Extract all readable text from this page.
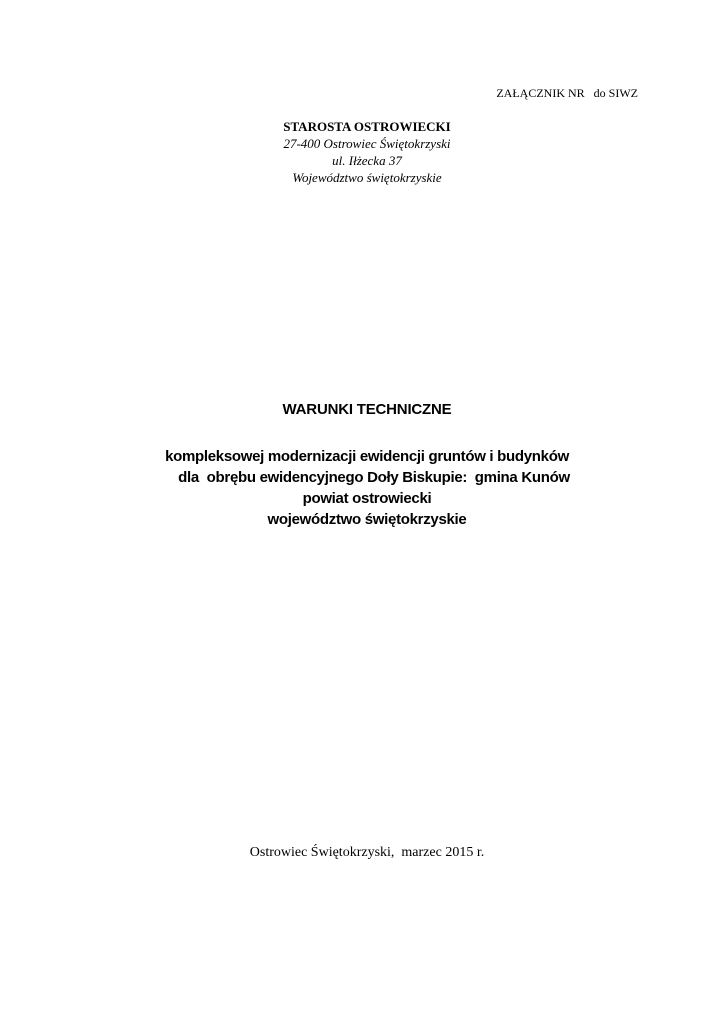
ZAŁĄCZNIK NR   do SIWZ
STAROSTA OSTROWIECKI
27-400 Ostrowiec Świętokrzyski
ul. Iłżecka 37
Województwo świętokrzyskie
WARUNKI TECHNICZNE
kompleksowej modernizacji ewidencji gruntów i budynków
dla  obrębu ewidencyjnego Doły Biskupie:  gmina Kunów
powiat ostrowiecki
województwo świętokrzyskie
Ostrowiec Świętokrzyski,  marzec 2015 r.
